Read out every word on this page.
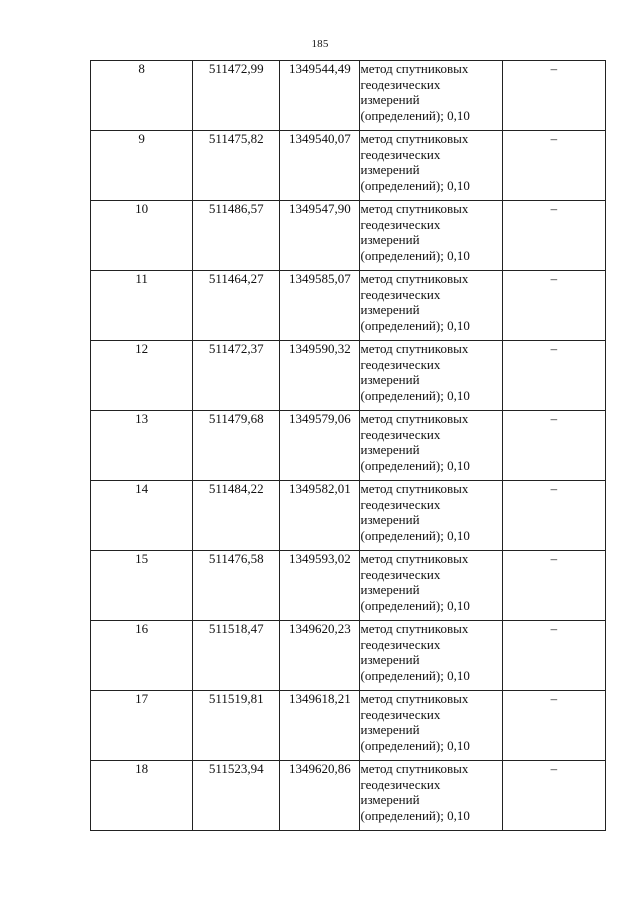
185
8	511472,99	1349544,49	метод спутниковых геодезических измерений (определений); 0,10	–
9	511475,82	1349540,07	метод спутниковых геодезических измерений (определений); 0,10	–
10	511486,57	1349547,90	метод спутниковых геодезических измерений (определений); 0,10	–
11	511464,27	1349585,07	метод спутниковых геодезических измерений (определений); 0,10	–
12	511472,37	1349590,32	метод спутниковых геодезических измерений (определений); 0,10	–
13	511479,68	1349579,06	метод спутниковых геодезических измерений (определений); 0,10	–
14	511484,22	1349582,01	метод спутниковых геодезических измерений (определений); 0,10	–
15	511476,58	1349593,02	метод спутниковых геодезических измерений (определений); 0,10	–
16	511518,47	1349620,23	метод спутниковых геодезических измерений (определений); 0,10	–
17	511519,81	1349618,21	метод спутниковых геодезических измерений (определений); 0,10	–
18	511523,94	1349620,86	метод спутниковых геодезических измерений (определений); 0,10	–
